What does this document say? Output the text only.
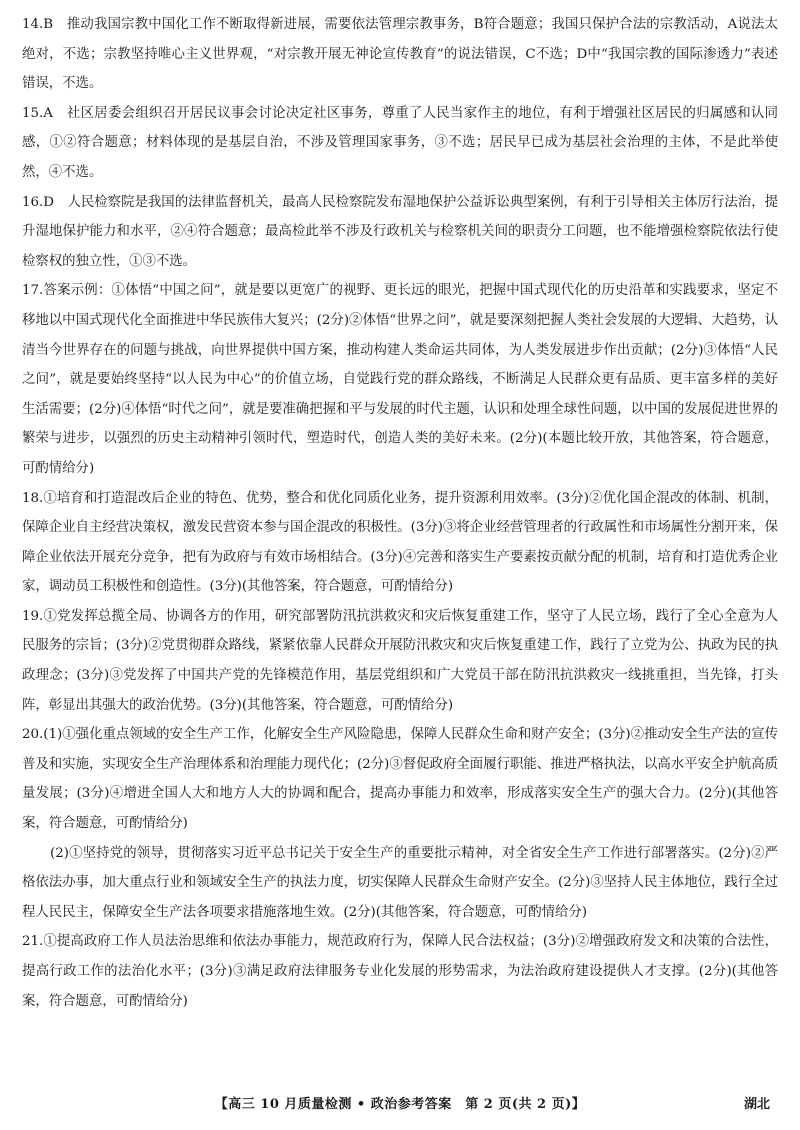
14.B　推动我国宗教中国化工作不断取得新进展，需要依法管理宗教事务，B符合题意；我国只保护合法的宗教活动，A说法太绝对，不选；宗教坚持唯心主义世界观，“对宗教开展无神论宣传教育”的说法错误，C不选；D中“我国宗教的国际渗透力”表述错误，不选。

15.A　社区居委会组织召开居民议事会讨论决定社区事务，尊重了人民当家作主的地位，有利于增强社区居民的归属感和认同感，①②符合题意；材料体现的是基层自治，不涉及管理国家事务，③不选；居民早已成为基层社会治理的主体，不是此举使然，④不选。

16.D　人民检察院是我国的法律监督机关，最高人民检察院发布湿地保护公益诉讼典型案例，有利于引导相关主体厉行法治，提升湿地保护能力和水平，②④符合题意；最高检此举不涉及行政机关与检察机关间的职责分工问题，也不能增强检察院依法行使检察权的独立性，①③不选。

17.答案示例：①体悟“中国之问”，就是要以更宽广的视野、更长远的眼光，把握中国式现代化的历史沿革和实践要求，坚定不移地以中国式现代化全面推进中华民族伟大复兴；(2分)②体悟“世界之问”，就是要深刻把握人类社会发展的大逻辑、大趋势，认清当今世界存在的问题与挑战，向世界提供中国方案，推动构建人类命运共同体，为人类发展进步作出贡献；(2分)③体悟“人民之问”，就是要始终坚持“以人民为中心”的价值立场，自觉践行党的群众路线，不断满足人民群众更有品质、更丰富多样的美好生活需要；(2分)④体悟“时代之问”，就是要准确把握和平与发展的时代主题，认识和处理全球性问题，以中国的发展促进世界的繁荣与进步，以强烈的历史主动精神引领时代，塑造时代，创造人类的美好未来。(2分)(本题比较开放，其他答案，符合题意，可酌情给分)

18.①培育和打造混改后企业的特色、优势，整合和优化同质化业务，提升资源利用效率。(3分)②优化国企混改的体制、机制，保障企业自主经营决策权，激发民营资本参与国企混改的积极性。(3分)③将企业经营管理者的行政属性和市场属性分割开来，保障企业依法开展充分竞争，把有为政府与有效市场相结合。(3分)④完善和落实生产要素按贡献分配的机制，培育和打造优秀企业家，调动员工积极性和创造性。(3分)(其他答案，符合题意，可酌情给分)

19.①党发挥总揽全局、协调各方的作用，研究部署防汛抗洪救灾和灾后恢复重建工作，坚守了人民立场，践行了全心全意为人民服务的宗旨；(3分)②党贯彻群众路线，紧紧依靠人民群众开展防汛救灾和灾后恢复重建工作，践行了立党为公、执政为民的执政理念；(3分)③党发挥了中国共产党的先锋模范作用，基层党组织和广大党员干部在防汛抗洪救灾一线挑重担，当先锋，打头阵，彰显出其强大的政治优势。(3分)(其他答案，符合题意，可酌情给分)

20.(1)①强化重点领域的安全生产工作，化解安全生产风险隐患，保障人民群众生命和财产安全；(3分)②推动安全生产法的宣传普及和实施，实现安全生产治理体系和治理能力现代化；(2分)③督促政府全面履行职能、推进严格执法，以高水平安全护航高质量发展；(3分)④增进全国人大和地方人大的协调和配合，提高办事能力和效率，形成落实安全生产的强大合力。(2分)(其他答案，符合题意，可酌情给分)

(2)①坚持党的领导，贯彻落实习近平总书记关于安全生产的重要批示精神，对全省安全生产工作进行部署落实。(2分)②严格依法办事，加大重点行业和领域安全生产的执法力度，切实保障人民群众生命财产安全。(2分)③坚持人民主体地位，践行全过程人民民主，保障安全生产法各项要求措施落地生效。(2分)(其他答案，符合题意，可酌情给分)

21.①提高政府工作人员法治思维和依法办事能力，规范政府行为，保障人民合法权益；(3分)②增强政府发文和决策的合法性，提高行政工作的法治化水平；(3分)③满足政府法律服务专业化发展的形势需求，为法治政府建设提供人才支撑。(2分)(其他答案，符合题意，可酌情给分)

【高三 10 月质量检测 • 政治参考答案　第 2 页(共 2 页)】	湖北
